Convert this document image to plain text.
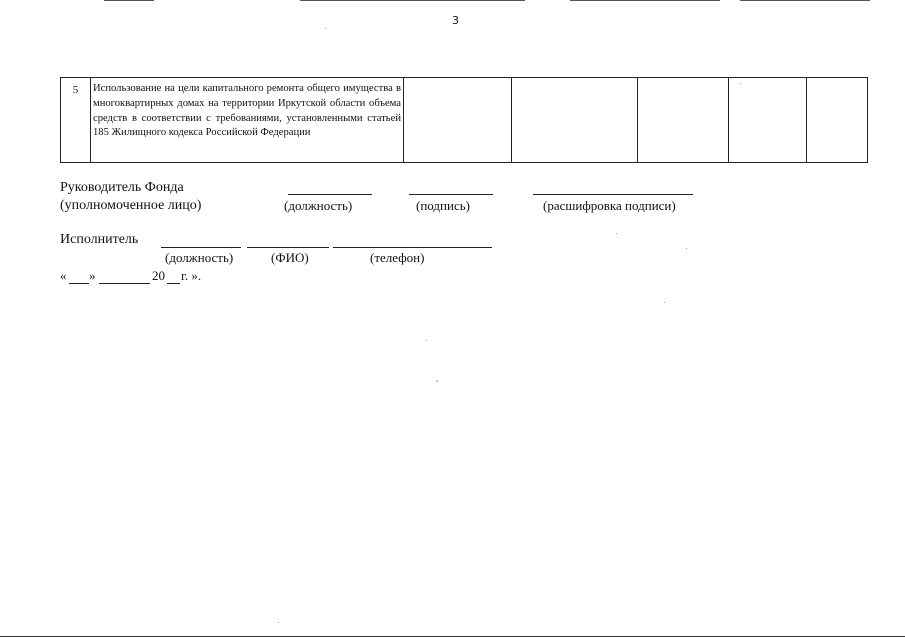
3
5	Использование на цели капитального ремонта общего имущества в многоквартирных домах на территории Иркутской области объема средств в соответствии с требованиями, установленными статьей 185 Жилищного кодекса Российской Федерации					
Руководитель Фонда
(уполномоченное лицо)	(должность)	(подпись)	(расшифровка подписи)
Исполнитель
(должность)	(ФИО)	(телефон)
« »	20 г. ».
